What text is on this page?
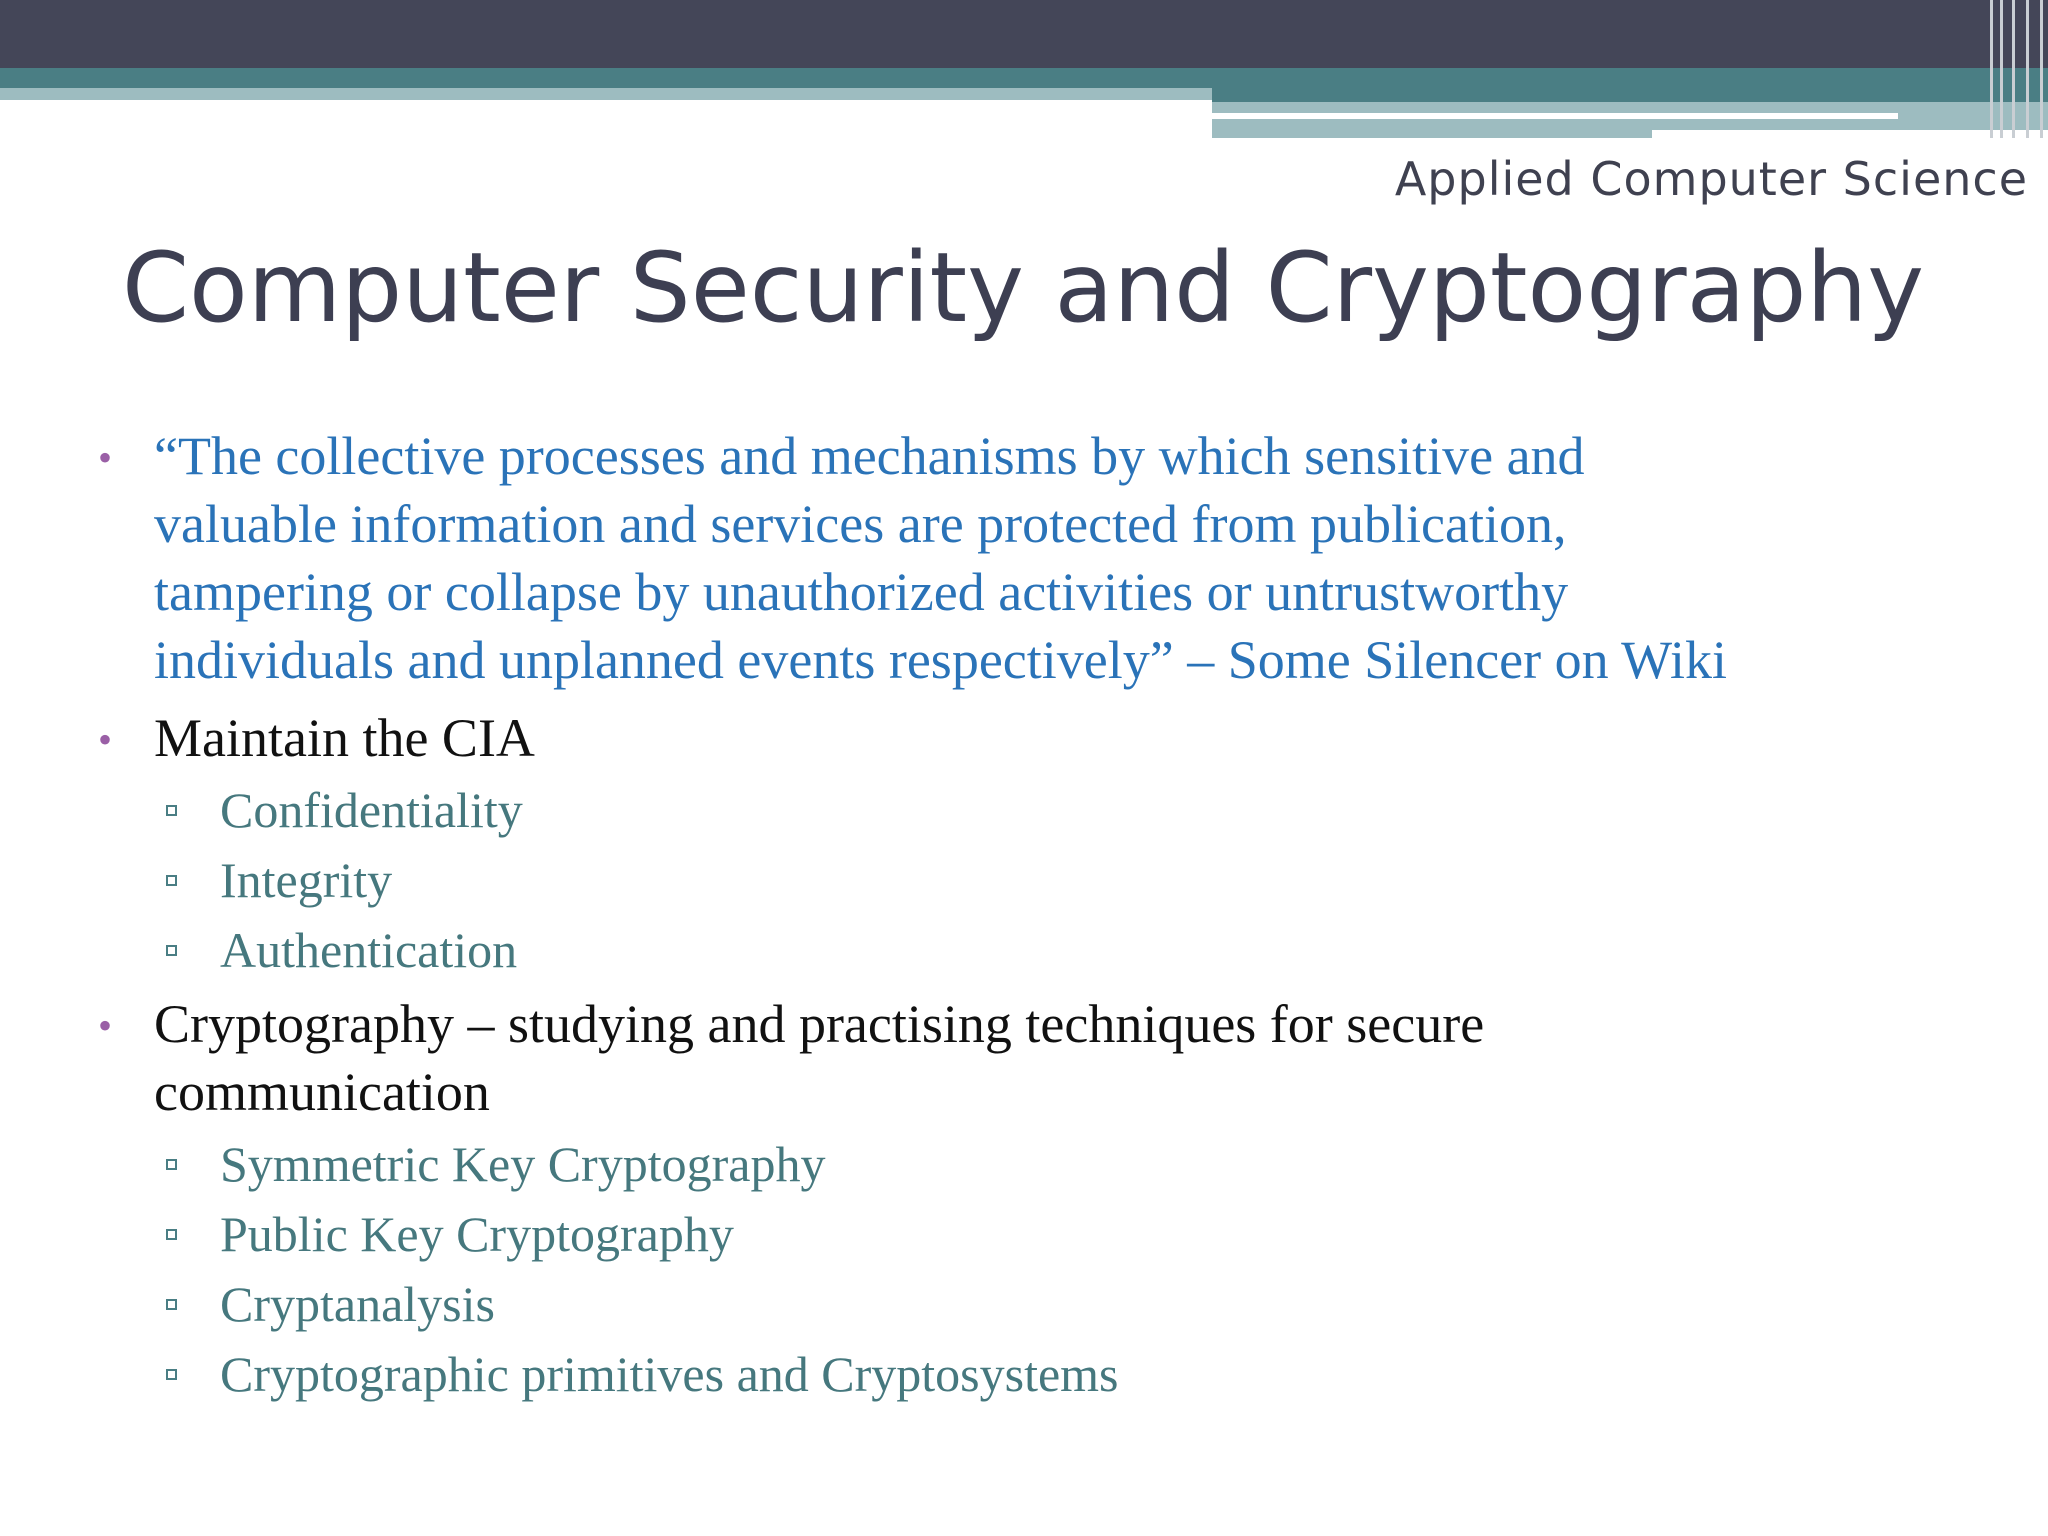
Applied Computer Science
Computer Security and Cryptography
• “The collective processes and mechanisms by which sensitive and
valuable information and services are protected from publication,
tampering or collapse by unauthorized activities or untrustworthy
individuals and unplanned events respectively” – Some Silencer on Wiki
• Maintain the CIA
Confidentiality
Integrity
Authentication
• Cryptography – studying and practising techniques for secure
communication
Symmetric Key Cryptography
Public Key Cryptography
Cryptanalysis
Cryptographic primitives and Cryptosystems
